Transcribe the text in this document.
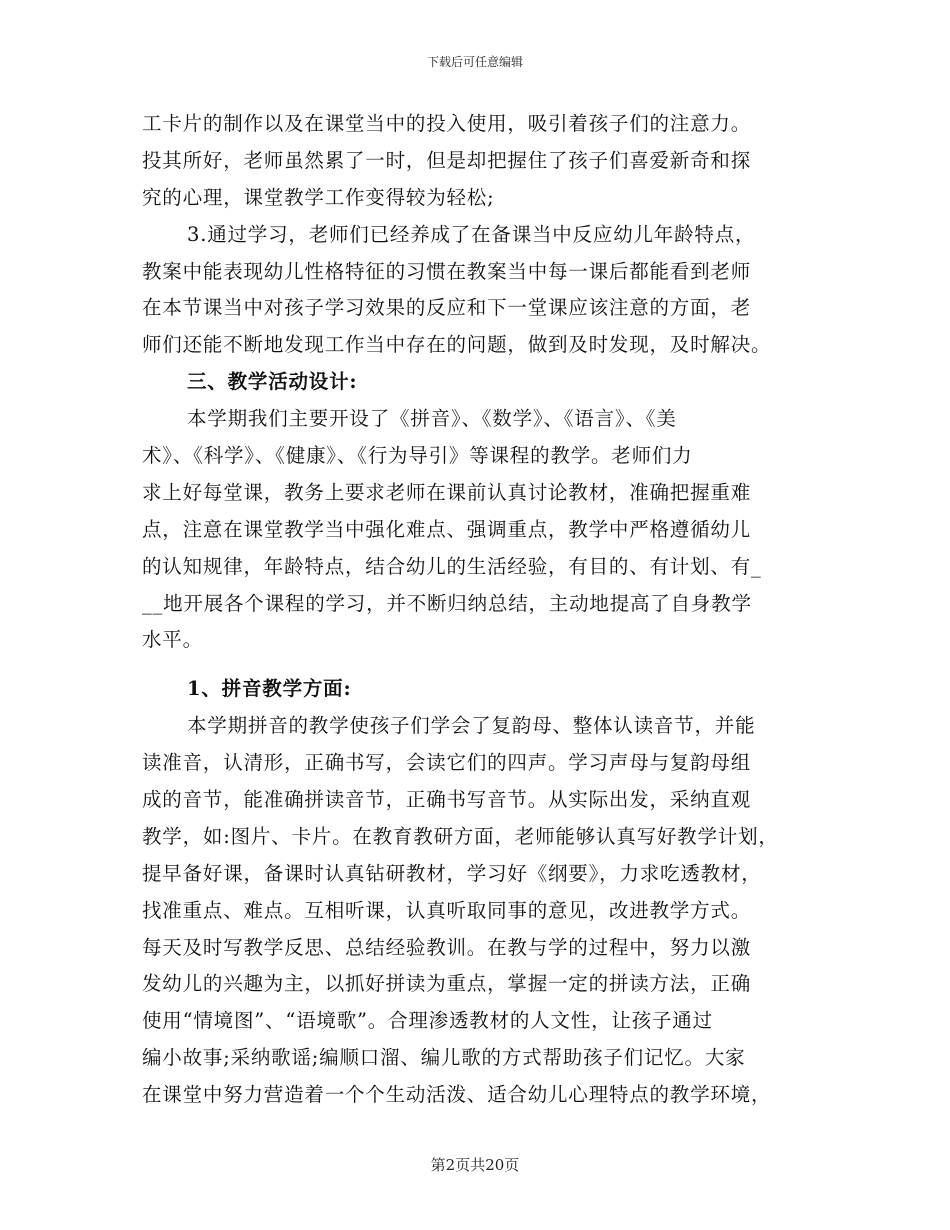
下载后可任意编辑
工卡片的制作以及在课堂当中的投入使用，吸引着孩子们的注意力。
投其所好，老师虽然累了一时，但是却把握住了孩子们喜爱新奇和探
究的心理，课堂教学工作变得较为轻松;
3.通过学习，老师们已经养成了在备课当中反应幼儿年龄特点，
教案中能表现幼儿性格特征的习惯在教案当中每一课后都能看到老师
在本节课当中对孩子学习效果的反应和下一堂课应该注意的方面，老
师们还能不断地发现工作当中存在的问题，做到及时发现，及时解决。
三、教学活动设计:
本学期我们主要开设了《拼音》、《数学》、《语言》、《美
术》、《科学》、《健康》、《行为导引》等课程的教学。老师们力
求上好每堂课，教务上要求老师在课前认真讨论教材，准确把握重难
点，注意在课堂教学当中强化难点、强调重点，教学中严格遵循幼儿
的认知规律，年龄特点，结合幼儿的生活经验，有目的、有计划、有_
__地开展各个课程的学习，并不断归纳总结，主动地提高了自身教学
水平。
1、拼音教学方面:
本学期拼音的教学使孩子们学会了复韵母、整体认读音节，并能
读准音，认清形，正确书写，会读它们的四声。学习声母与复韵母组
成的音节，能准确拼读音节，正确书写音节。从实际出发，采纳直观
教学，如:图片、卡片。在教育教研方面，老师能够认真写好教学计划，
提早备好课，备课时认真钻研教材，学习好《纲要》，力求吃透教材，
找准重点、难点。互相听课，认真听取同事的意见，改进教学方式。
每天及时写教学反思、总结经验教训。在教与学的过程中，努力以激
发幼儿的兴趣为主，以抓好拼读为重点，掌握一定的拼读方法，正确
使用“情境图”、“语境歌”。合理渗透教材的人文性，让孩子通过
编小故事;采纳歌谣;编顺口溜、编儿歌的方式帮助孩子们记忆。大家
在课堂中努力营造着一个个生动活泼、适合幼儿心理特点的教学环境，
第2页共20页
